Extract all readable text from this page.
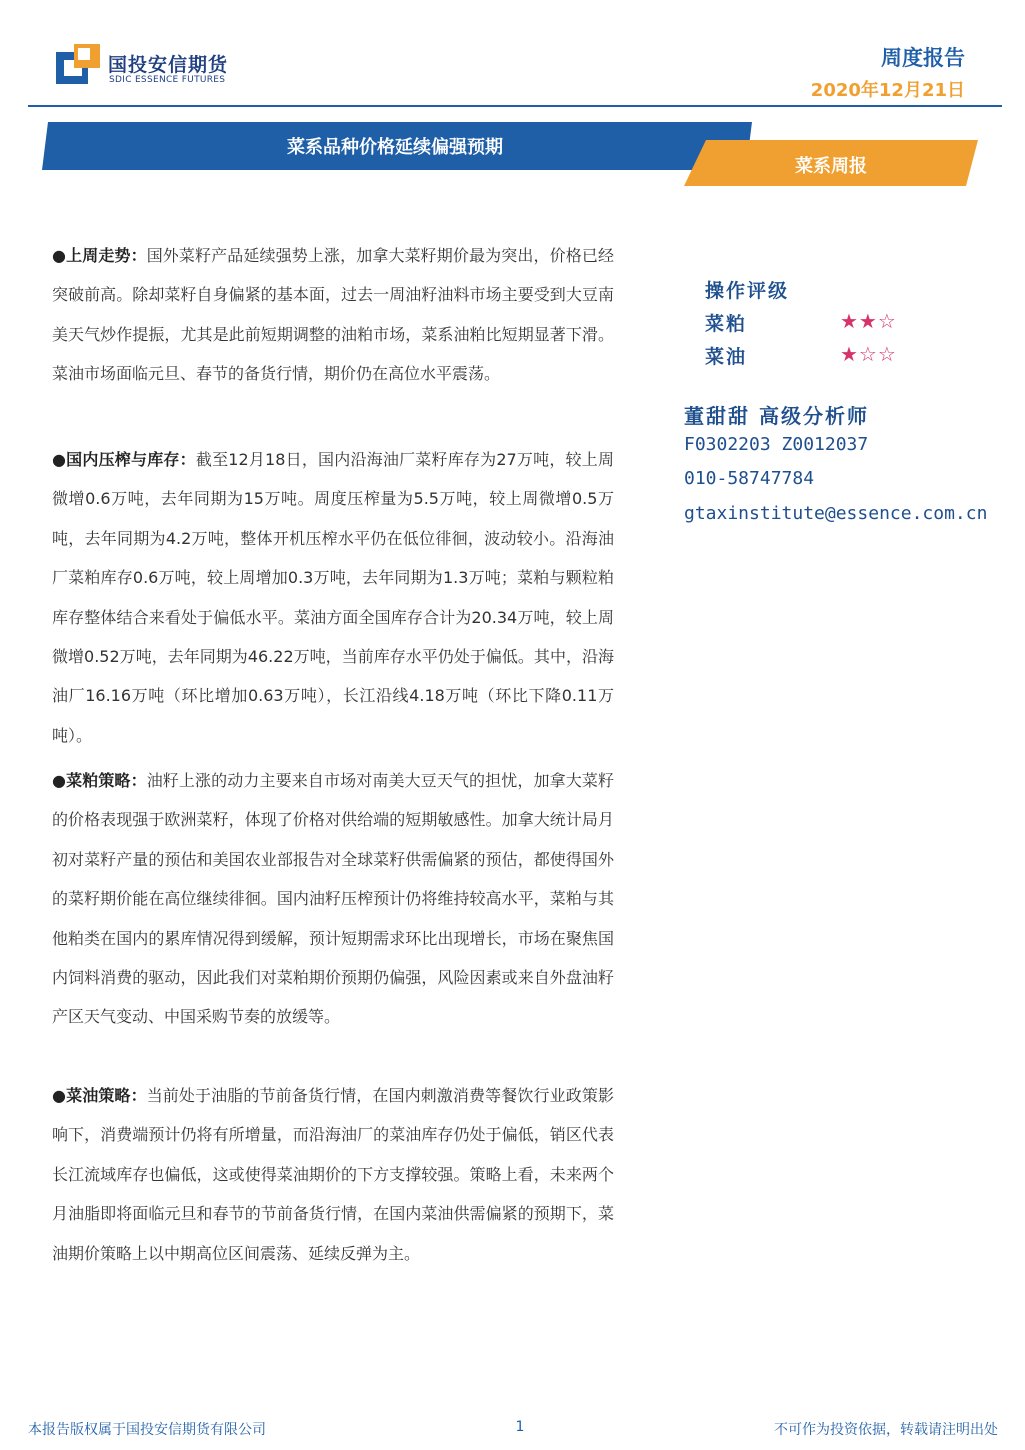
国投安信期货
SDIC ESSENCE FUTURES
周度报告
2020年12月21日
菜系品种价格延续偏强预期
菜系周报
●上周走势：国外菜籽产品延续强势上涨，加拿大菜籽期价最为突出，价格已经突破前高。除却菜籽自身偏紧的基本面，过去一周油籽油料市场主要受到大豆南美天气炒作提振，尤其是此前短期调整的油粕市场，菜系油粕比短期显著下滑。菜油市场面临元旦、春节的备货行情，期价仍在高位水平震荡。
●国内压榨与库存：截至12月18日，国内沿海油厂菜籽库存为27万吨，较上周微增0.6万吨，去年同期为15万吨。周度压榨量为5.5万吨，较上周微增0.5万吨，去年同期为4.2万吨，整体开机压榨水平仍在低位徘徊，波动较小。沿海油厂菜粕库存0.6万吨，较上周增加0.3万吨，去年同期为1.3万吨；菜粕与颗粒粕库存整体结合来看处于偏低水平。菜油方面全国库存合计为20.34万吨，较上周微增0.52万吨，去年同期为46.22万吨，当前库存水平仍处于偏低。其中，沿海油厂16.16万吨（环比增加0.63万吨），长江沿线4.18万吨（环比下降0.11万吨）。
●菜粕策略：油籽上涨的动力主要来自市场对南美大豆天气的担忧，加拿大菜籽的价格表现强于欧洲菜籽，体现了价格对供给端的短期敏感性。加拿大统计局月初对菜籽产量的预估和美国农业部报告对全球菜籽供需偏紧的预估，都使得国外的菜籽期价能在高位继续徘徊。国内油籽压榨预计仍将维持较高水平，菜粕与其他粕类在国内的累库情况得到缓解，预计短期需求环比出现增长，市场在聚焦国内饲料消费的驱动，因此我们对菜粕期价预期仍偏强，风险因素或来自外盘油籽产区天气变动、中国采购节奏的放缓等。
●菜油策略：当前处于油脂的节前备货行情，在国内刺激消费等餐饮行业政策影响下，消费端预计仍将有所增量，而沿海油厂的菜油库存仍处于偏低，销区代表长江流域库存也偏低，这或使得菜油期价的下方支撑较强。策略上看，未来两个月油脂即将面临元旦和春节的节前备货行情，在国内菜油供需偏紧的预期下，菜油期价策略上以中期高位区间震荡、延续反弹为主。
操作评级
菜粕	★★☆
菜油	★☆☆
董甜甜 高级分析师
F0302203 Z0012037
010-58747784
gtaxinstitute@essence.com.cn
本报告版权属于国投安信期货有限公司	1	不可作为投资依据，转载请注明出处
